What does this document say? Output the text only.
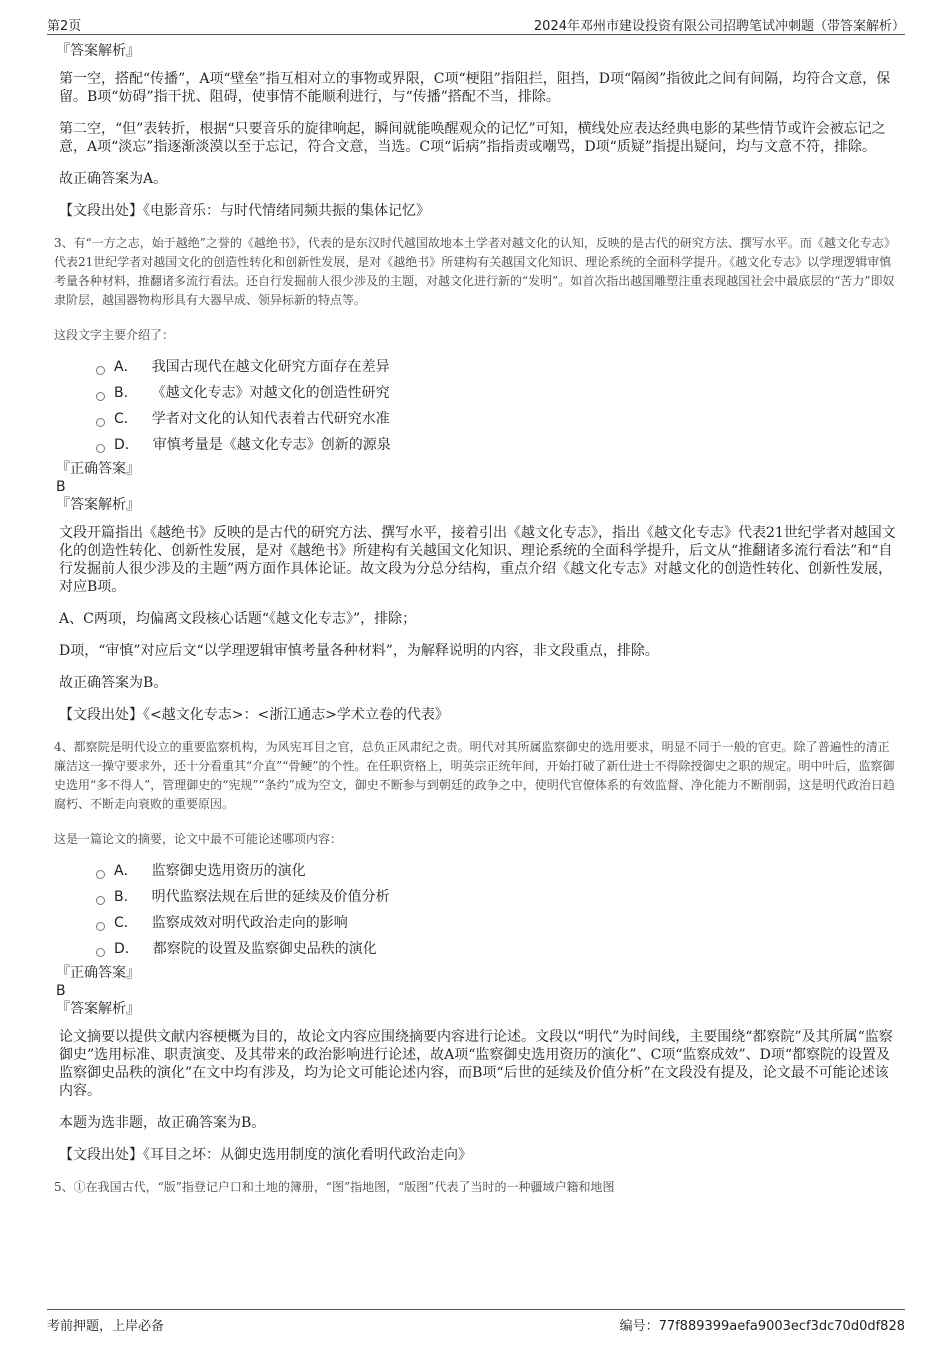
第2页	2024年邓州市建设投资有限公司招聘笔试冲刺题（带答案解析）
『答案解析』
第一空，搭配“传播”，A项“壁垒”指互相对立的事物或界限，C项“梗阻”指阻拦，阻挡，D项“隔阂”指彼此之间有间隔，均符合文意，保留。B项“妨碍”指干扰、阻碍，使事情不能顺利进行，与“传播”搭配不当，排除。
第二空，“但”表转折，根据“只要音乐的旋律响起，瞬间就能唤醒观众的记忆”可知，横线处应表达经典电影的某些情节或许会被忘记之意，A项“淡忘”指逐渐淡漠以至于忘记，符合文意，当选。C项“诟病”指指责或嘲骂，D项“质疑”指提出疑问，均与文意不符，排除。
故正确答案为A。
【文段出处】《电影音乐：与时代情绪同频共振的集体记忆》
3、有“一方之志，始于越绝”之誉的《越绝书》，代表的是东汉时代越国故地本土学者对越文化的认知，反映的是古代的研究方法、撰写水平。而《越文化专志》代表21世纪学者对越国文化的创造性转化和创新性发展，是对《越绝书》所建构有关越国文化知识、理论系统的全面科学提升。《越文化专志》以学理逻辑审慎考量各种材料，推翻诸多流行看法。还自行发掘前人很少涉及的主题，对越文化进行新的“发明”。如首次指出越国雕塑注重表现越国社会中最底层的“苦力”即奴隶阶层，越国器物构形具有大器早成、领异标新的特点等。
这段文字主要介绍了：
A． 我国古现代在越文化研究方面存在差异
B． 《越文化专志》对越文化的创造性研究
C． 学者对文化的认知代表着古代研究水准
D． 审慎考量是《越文化专志》创新的源泉
『正确答案』
B
『答案解析』
文段开篇指出《越绝书》反映的是古代的研究方法、撰写水平，接着引出《越文化专志》，指出《越文化专志》代表21世纪学者对越国文化的创造性转化、创新性发展，是对《越绝书》所建构有关越国文化知识、理论系统的全面科学提升，后文从“推翻诸多流行看法”和“自行发掘前人很少涉及的主题”两方面作具体论证。故文段为分总分结构，重点介绍《越文化专志》对越文化的创造性转化、创新性发展，对应B项。
A、C两项，均偏离文段核心话题“《越文化专志》”，排除；
D项，“审慎”对应后文“以学理逻辑审慎考量各种材料”，为解释说明的内容，非文段重点，排除。
故正确答案为B。
【文段出处】《<越文化专志>：<浙江通志>学术立卷的代表》
4、都察院是明代设立的重要监察机构，为风宪耳目之官，总负正风肃纪之责。明代对其所属监察御史的选用要求，明显不同于一般的官吏。除了普遍性的清正廉洁这一操守要求外，还十分看重其“介直”“骨鲠”的个性。在任职资格上，明英宗正统年间，开始打破了新仕进士不得除授御史之职的规定。明中叶后，监察御史选用“多不得人”，管理御史的“宪规”“条约”成为空文，御史不断参与到朝廷的政争之中，使明代官僚体系的有效监督、净化能力不断削弱，这是明代政治日趋腐朽、不断走向衰败的重要原因。
这是一篇论文的摘要，论文中最不可能论述哪项内容：
A． 监察御史选用资历的演化
B． 明代监察法规在后世的延续及价值分析
C． 监察成效对明代政治走向的影响
D． 都察院的设置及监察御史品秩的演化
『正确答案』
B
『答案解析』
论文摘要以提供文献内容梗概为目的，故论文内容应围绕摘要内容进行论述。文段以“明代”为时间线，主要围绕“都察院”及其所属“监察御史”选用标准、职责演变、及其带来的政治影响进行论述，故A项“监察御史选用资历的演化”、C项“监察成效”、D项“都察院的设置及监察御史品秩的演化”在文中均有涉及，均为论文可能论述内容，而B项“后世的延续及价值分析”在文段没有提及，论文最不可能论述该内容。
本题为选非题，故正确答案为B。
【文段出处】《耳目之坏：从御史选用制度的演化看明代政治走向》
5、①在我国古代，“版”指登记户口和土地的簿册，“图”指地图，“版图”代表了当时的一种疆域户籍和地图
考前押题，上岸必备	编号：77f889399aefa9003ecf3dc70d0df828
